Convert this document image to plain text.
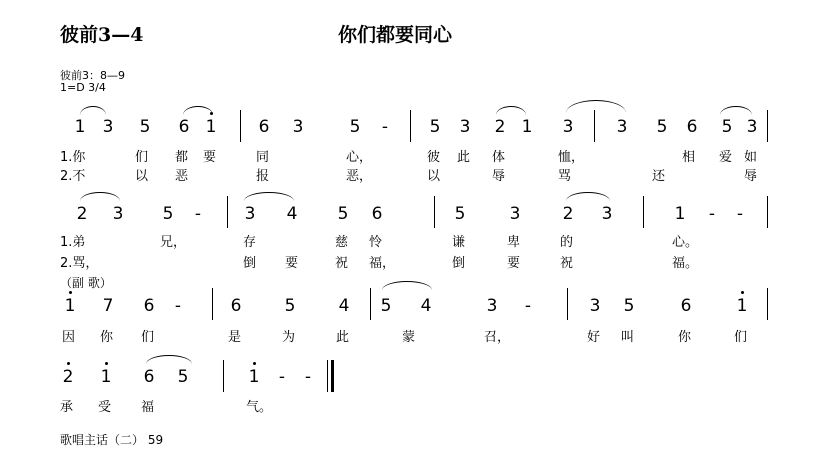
彼前3—4	你们都要同心
彼前3：8—9
1=D 3/4
1 3 5 6 1 6 3	5	-	5 3 2 1 3	3 5 6 5 3
1.你	们 都 要	同	心，	彼 此 体	恤，	相 爱 如
2.不	以 恶	报	恶，	以	辱	骂	还	辱
2 3 5	-	3 4 5 6	5	3 2 3	1	-	-
1.弟	兄，	存	慈 怜	谦	卑	的	心。
2.骂，	倒 要	祝 福，	倒	要	祝	福。
（副 歌）
1 7 6	-	6	5	4 5 4	3	-	3 5	6	1
因 你 们	是	为	此	蒙	召，	好 叫	你	们
2 1 6 5	1	-	-
承 受 福	气。
歌唱主话（二） 59
